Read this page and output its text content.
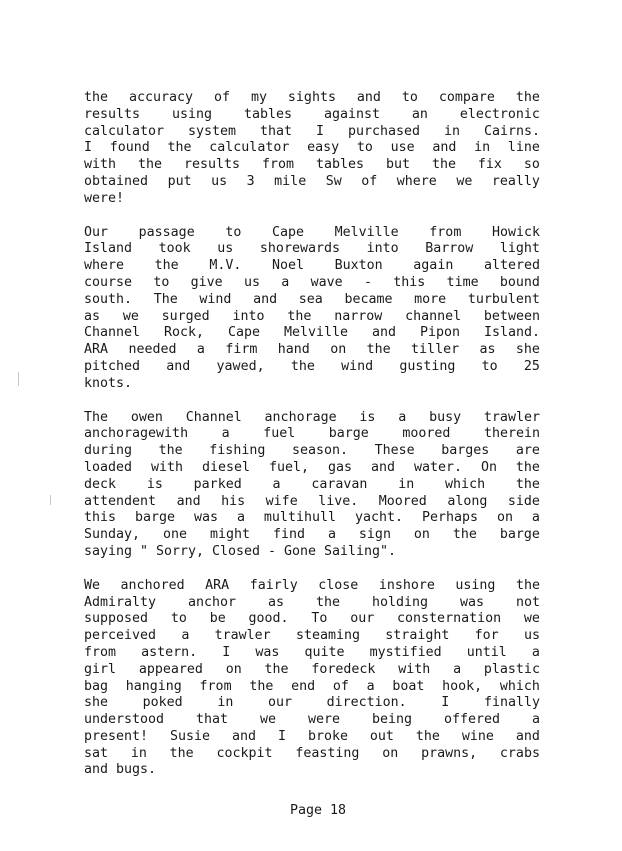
the accuracy of my sights and to compare the
results using tables against an electronic
calculator system that I purchased in Cairns.
I found the calculator easy to use and in line
with the results from tables but the fix so
obtained put us 3 mile Sw of where we really
were!
Our passage to Cape Melville from Howick
Island took us shorewards into Barrow light
where the M.V. Noel Buxton again altered
course to give us a wave - this time bound
south. The wind and sea became more turbulent
as we surged into the narrow channel between
Channel Rock, Cape Melville and Pipon Island.
ARA needed a firm hand on the tiller as she
pitched and yawed, the wind gusting to 25
knots.
The owen Channel anchorage is a busy trawler
anchoragewith	a	fuel	barge	moored	therein
during the fishing season. These barges are
loaded with diesel fuel, gas and water. On the
deck is parked a caravan in which the
attendent and his wife live. Moored along side
this barge was a multihull yacht. Perhaps on a
Sunday, one might find a sign on the barge
saying " Sorry, Closed - Gone Sailing".
We anchored ARA fairly close inshore using the
Admiralty anchor as the holding was not
supposed to be good. To our consternation we
perceived a trawler steaming straight for us
from astern. I was quite mystified until a
girl appeared on the foredeck with a plastic
bag hanging from the end of a boat hook, which
she	poked	in	our	direction.	I	finally
understood that we were being offered a
present! Susie and I broke out the wine and
sat in the cockpit feasting on prawns, crabs
and bugs.
Page 18
